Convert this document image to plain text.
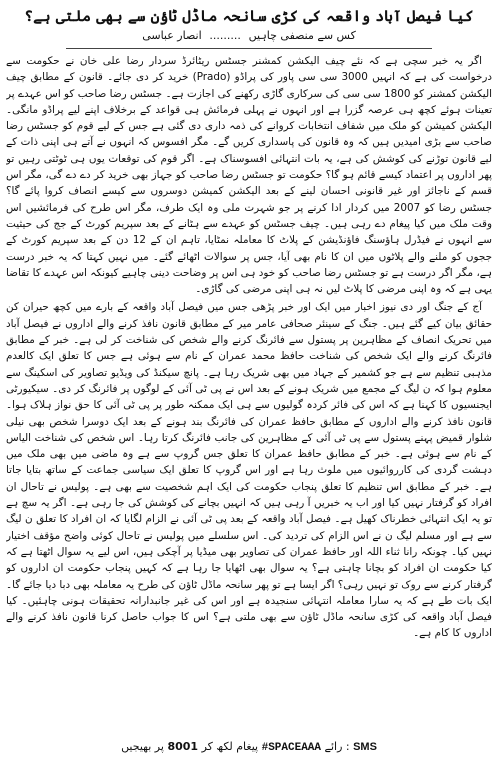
کیا فیصل آباد واقعہ کی کڑی سانحہ ماڈل ٹاؤن سے بھی ملتی ہے؟
کس سے منصفی چاہیں ......... انصار عباسی

اگر یہ خبر سچی ہے کہ نئے چیف الیکشن کمشنر جسٹس ریٹائرڈ سردار رضا علی خان نے حکومت سے درخواست کی ہے کہ انہیں 3000 سی سی پاور کی پراڈو (Prado) خرید کر دی جائے۔ قانون کے مطابق چیف الیکشن کمشنر کو 1800 سی سی کی سرکاری گاڑی رکھنے کی اجازت ہے۔ جسٹس رضا صاحب کو اس عہدے پر تعینات ہوئے کچھ ہی عرصہ گزرا ہے اور انہوں نے پہلی فرمائش ہی قواعد کے برخلاف اپنے لیے پراڈو مانگی۔ الیکشن کمیشن کو ملک میں شفاف انتخابات کروانے کی ذمہ داری دی گئی ہے جس کے لیے قوم کو جسٹس رضا صاحب سے بڑی امیدیں ہیں کہ وہ قانون کی پاسداری کریں گے۔ مگر افسوس کہ انہوں نے آتے ہی اپنی ذات کے لیے قانون توڑنے کی کوشش کی ہے، یہ بات انتہائی افسوسناک ہے۔ اگر قوم کی توقعات یوں ہی ٹوٹتی رہیں تو پھر اداروں پر اعتماد کیسے قائم ہو گا؟ حکومت تو جسٹس رضا صاحب کو جہاز بھی خرید کر دے دے گی، مگر اس قسم کے ناجائز اور غیر قانونی احسان لینے کے بعد الیکشن کمیشن دوسروں سے کیسے انصاف کروا پائے گا؟ جسٹس رضا کو 2007 میں کردار ادا کرنے پر جو شہرت ملی وہ ایک طرف، مگر اس طرح کی فرمائشیں اس وقت ملک میں کیا پیغام دے رہی ہیں۔ چیف جسٹس کو عہدے سے ہٹانے کے بعد سپریم کورٹ کے جج کی حیثیت سے انہوں نے فیڈرل ہاؤسنگ فاؤنڈیشن کے پلاٹ کا معاملہ نمٹایا، تاہم ان کے 12 دن کے بعد سپریم کورٹ کے ججوں کو ملنے والے پلاٹوں میں ان کا نام بھی آیا، جس پر سوالات اٹھائے گئے۔ میں نہیں کہتا کہ یہ خبر درست ہے، مگر اگر درست ہے تو جسٹس رضا صاحب کو خود ہی اس پر وضاحت دینی چاہیے کیونکہ اس عہدے کا تقاضا یہی ہے کہ وہ اپنی مرضی کا پلاٹ لیں نہ ہی اپنی مرضی کی گاڑی۔

آج کے جنگ اور دی نیوز اخبار میں ایک اور خبر پڑھی جس میں فیصل آباد واقعہ کے بارے میں کچھ حیران کن حقائق بیان کیے گئے ہیں۔ جنگ کے سینئر صحافی عامر میر کے مطابق قانون نافذ کرنے والے اداروں نے فیصل آباد میں تحریک انصاف کے مظاہرین پر پستول سے فائرنگ کرنے والے شخص کی شناخت کر لی ہے۔ خبر کے مطابق فائرنگ کرنے والے ایک شخص کی شناخت حافظ محمد عمران کے نام سے ہوئی ہے جس کا تعلق ایک کالعدم مذہبی تنظیم سے ہے جو کشمیر کے جہاد میں بھی شریک رہا ہے۔ پانچ سیکنڈ کی ویڈیو تصاویر کی اسکینگ سے معلوم ہوا کہ ن لیگ کے مجمع میں شریک ہونے کے بعد اس نے پی ٹی آئی کے لوگوں پر فائرنگ کر دی۔ سیکیورٹی ایجنسیوں کا کہنا ہے کہ اس کی فائر کردہ گولیوں سے ہی ایک ممکنہ طور پر پی ٹی آئی کا حق نواز ہلاک ہوا۔ قانون نافذ کرنے والے اداروں کے مطابق حافظ عمران کی فائرنگ بند ہونے کے بعد ایک دوسرا شخص بھی نیلی شلوار قمیض پہنے پستول سے پی ٹی آئی کے مظاہرین کی جانب فائرنگ کرتا رہا۔ اس شخص کی شناخت الیاس کے نام سے ہوئی ہے۔ خبر کے مطابق حافظ عمران کا تعلق جس گروپ سے ہے وہ ماضی میں بھی ملک میں دہشت گردی کی کارروائیوں میں ملوث رہا ہے اور اس گروپ کا تعلق ایک سیاسی جماعت کے ساتھ بتایا جاتا ہے۔ خبر کے مطابق اس تنظیم کا تعلق پنجاب حکومت کی ایک اہم شخصیت سے بھی ہے۔ پولیس نے تاحال ان افراد کو گرفتار نہیں کیا اور اب یہ خبریں آ رہی ہیں کہ انہیں بچانے کی کوشش کی جا رہی ہے۔ اگر یہ سچ ہے تو یہ ایک انتہائی خطرناک کھیل ہے۔ فیصل آباد واقعہ کے بعد پی ٹی آئی نے الزام لگایا کہ ان افراد کا تعلق ن لیگ سے ہے اور مسلم لیگ ن نے اس الزام کی تردید کی۔ اس سلسلے میں پولیس نے تاحال کوئی واضح مؤقف اختیار نہیں کیا۔ چونکہ رانا ثناء اللہ اور حافظ عمران کی تصاویر بھی میڈیا پر آچکی ہیں، اس لیے یہ سوال اٹھتا ہے کہ کیا حکومت ان افراد کو بچانا چاہتی ہے؟ یہ سوال بھی اٹھایا جا رہا ہے کہ کہیں پنجاب حکومت ان اداروں کو گرفتار کرنے سے روک تو نہیں رہی؟ اگر ایسا ہے تو پھر سانحہ ماڈل ٹاؤن کی طرح یہ معاملہ بھی دبا دیا جائے گا۔ ایک بات طے ہے کہ یہ سارا معاملہ انتہائی سنجیدہ ہے اور اس کی غیر جانبدارانہ تحقیقات ہونی چاہئیں۔ کیا فیصل آباد واقعہ کی کڑی سانحہ ماڈل ٹاؤن سے بھی ملتی ہے؟ اس کا جواب حاصل کرنا قانون نافذ کرنے والے اداروں کا کام ہے۔

SMS : رائے #SPACEAAA پیغام لکھ کر 8001 پر بھیجیں
